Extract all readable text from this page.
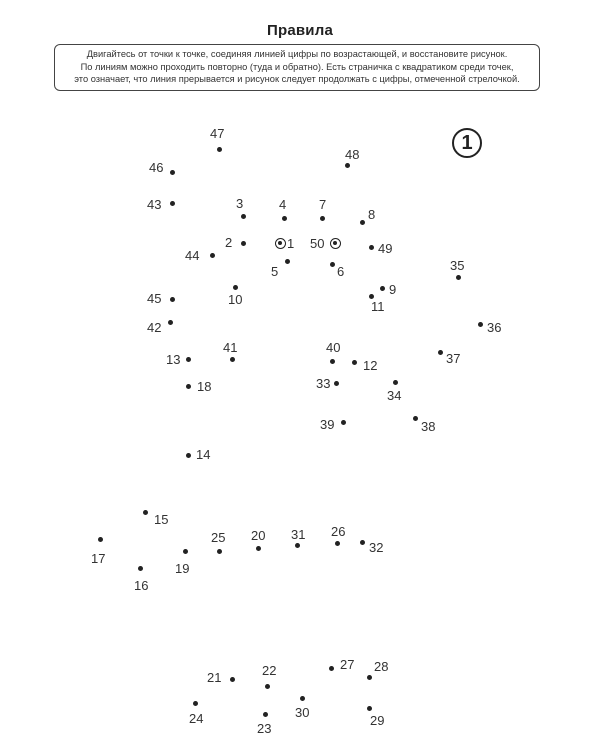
Правила
Двигайтесь от точки к точке, соединяя линией цифры по возрастающей, и восстановите рисунок.
По линиям можно проходить повторно (туда и обратно). Есть страничка с квадратиком среди точек,
это означает, что линия прерывается и рисунок следует продолжать с цифры, отмеченной стрелочкой.
1
1
2
3	4
5	6
7
8
9
10	11
12
13
14
15
16
17
18
19
20
21	22
23
24
25	26
27 28
29
30
31
32
33
34
35
36
37
38
39
40
41
42
43
44
45
46
47
48
49
50
